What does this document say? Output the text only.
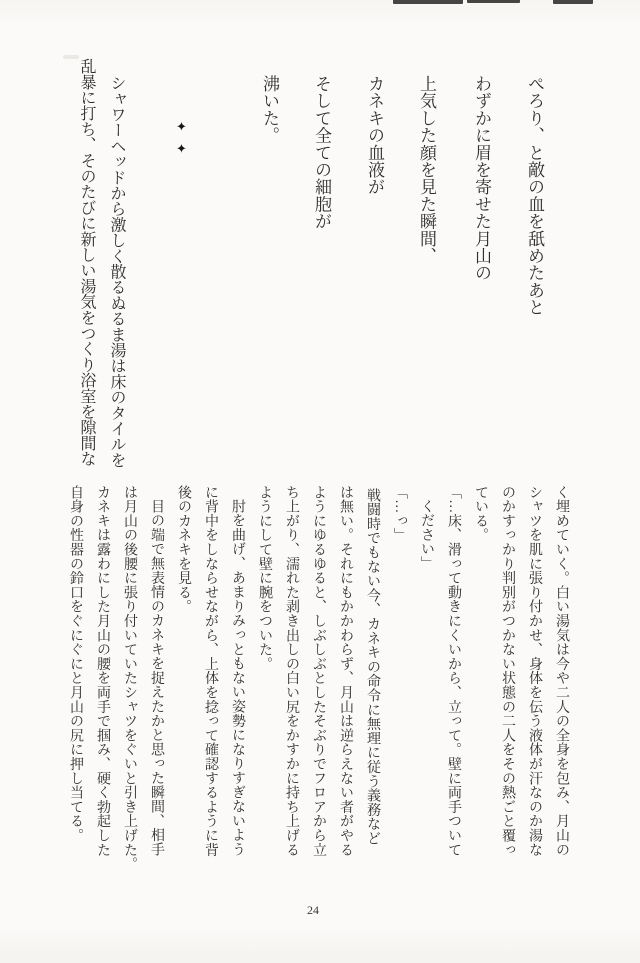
ぺろり、と敵の血を舐めたあと
わずかに眉を寄せた月山の
上気した顔を見た瞬間、
カネキの血液が
そして全ての細胞が
沸いた。
✦✦
シャワーヘッドから激しく散るぬるま湯は床のタイルを
乱暴に打ち、そのたびに新しい湯気をつくり浴室を隙間な
く埋めていく。白い湯気は今や二人の全身を包み、月山の
シャツを肌に張り付かせ、身体を伝う液体が汗なのか湯な
のかすっかり判別がつかない状態の二人をその熱ごと覆っ
ている。
「…床、滑って動きにくいから、立って。壁に両手ついて
ください」
「…っ」
戦闘時でもない今、カネキの命令に無理に従う義務など
は無い。それにもかかわらず、月山は逆らえない者がやる
ようにゆるゆると、しぶしぶとしたそぶりでフロアから立
ち上がり、濡れた剥き出しの白い尻をかすかに持ち上げる
ようにして壁に腕をついた。
肘を曲げ、あまりみっともない姿勢になりすぎないよう
に背中をしならせながら、上体を捻って確認するように背
後のカネキを見る。
目の端で無表情のカネキを捉えたかと思った瞬間、相手
は月山の後腰に張り付いていたシャツをぐいと引き上げた。
カネキは露わにした月山の腰を両手で掴み、硬く勃起した
自身の性器の鈴口をぐにぐにと月山の尻に押し当てる。
24
